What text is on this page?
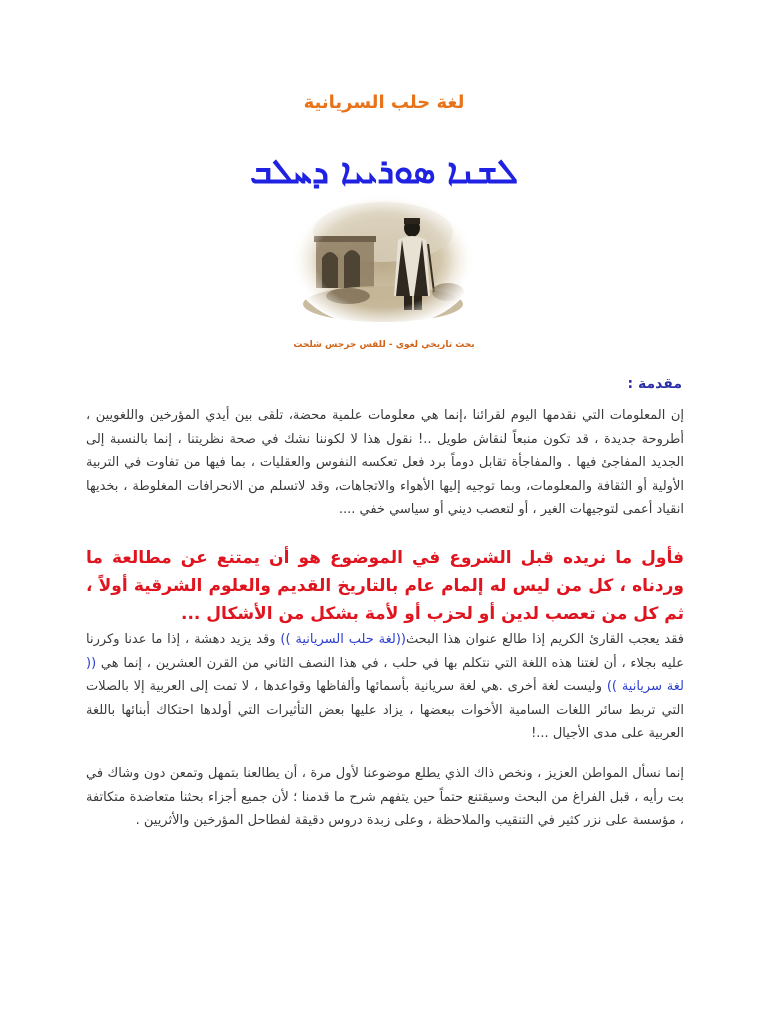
لغة حلب السريانية
ܠܫܢܐ ܣܘܪܝܝܐ ܕܚܠܒ
بحث تاريخي لغوي - للقس جرجس شلحت
مقدمة :
إن المعلومات التي نقدمها اليوم لقرائنا ،إنما هي معلومات علمية محضة، تلقى بين أيدي المؤرخين واللغويين ، أطروحة جديدة ، قد تكون منبعاً لنقاش طويل ..! نقول هذا لا لكوننا نشك في صحة نظريتنا ، إنما بالنسبة إلى الجديد المفاجئ فيها . والمفاجأة تقابل دوماً برد فعل تعكسه النفوس والعقليات ، بما فيها من تفاوت في التربية الأولية أو الثقافة والمعلومات، وبما توجيه إليها الأهواء والاتجاهات، وقد لاتسلم من الانحرافات المغلوطة ، بخديها انقياد أعمى لتوجيهات الغير ، أو لتعصب ديني أو سياسي خفي ....
فأول ما نريده قبل الشروع في الموضوع هو أن يمتنع عن مطالعة ما وردناه ، كل من ليس له إلمام عام بالتاريخ القديم والعلوم الشرقية أولاً ، ثم كل من تعصب لدين أو لحزب أو لأمة بشكل من الأشكال ...
فقد يعجب القارئ الكريم إذا طالع عنوان هذا البحث((لغة حلب السريانية )) وقد يزيد دهشة ، إذا ما عدنا وكررنا عليه بجلاء ، أن لغتنا هذه اللغة التي نتكلم بها في حلب ، في هذا النصف الثاني من القرن العشرين ، إنما هي (( لغة سريانية )) وليست لغة أخرى .هي لغة سريانية بأسمائها وألفاظها وقواعدها ، لا تمت إلى العربية إلا بالصلات التي تربط سائر اللغات السامية الأخوات ببعضها ، يزاد عليها بعض التأثيرات التي أولدها احتكاك أبنائها باللغة العربية على مدى الأجيال ...!
إنما نسأل المواطن العزيز ، ونخص ذاك الذي يطلع موضوعنا لأول مرة ، أن يطالعنا بتمهل وتمعن دون وشاك في بت رأيه ، قبل الفراغ من البحث وسيقتنع حتماً حين يتفهم شرح ما قدمنا ؛ لأن جميع أجزاء بحثنا متعاضدة متكاتفة ، مؤسسة على نزر كثير في التنقيب والملاحظة ، وعلى زبدة دروس دقيقة لفطاحل المؤرخين والأثريين .
